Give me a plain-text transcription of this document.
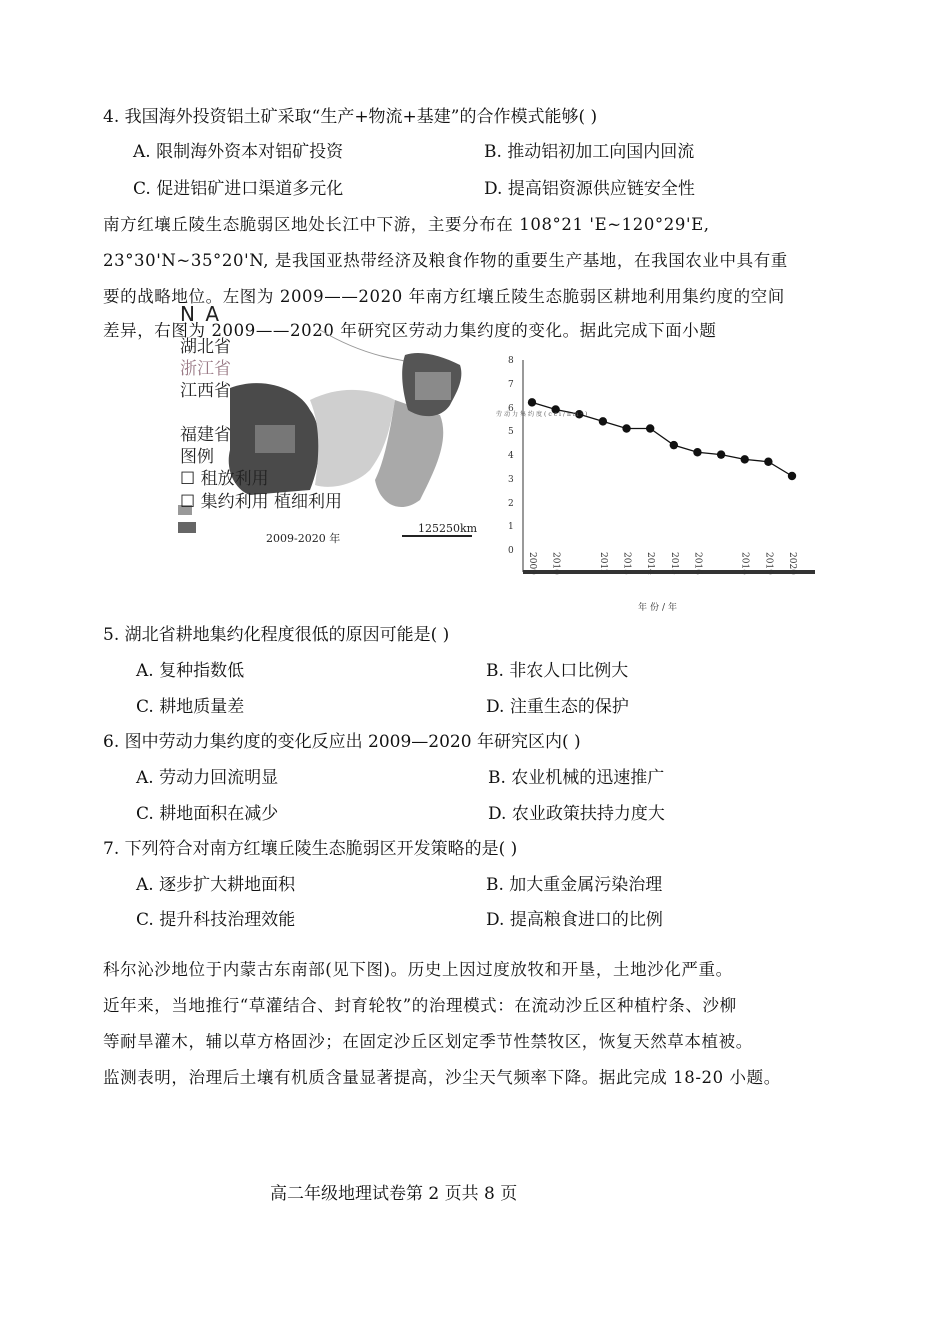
4. 我国海外投资铝土矿采取“生产+物流+基建”的合作模式能够( )
A. 限制海外资本对铝矿投资	B. 推动铝初加工向国内回流
C. 促进铝矿进口渠道多元化	D. 提高铝资源供应链安全性
南方红壤丘陵生态脆弱区地处长江中下游，主要分布在 108°21 'E~120°29'E,
23°30'N~35°20'N, 是我国亚热带经济及粮食作物的重要生产基地，在我国农业中具有重
要的战略地位。左图为 2009——2020 年南方红壤丘陵生态脆弱区耕地利用集约度的空间
差异，右图为 2009——2020 年研究区劳动力集约度的变化。据此完成下面小题
N A
湖北省
浙江省
江西省
福建省
图例
☐ 租放利用
☐ 集约利用 植细利用
125250km
2009-2020 年
劳动力集约度(cci/hm²)
年份/年
0
1
2
3
4
5
6
7
8
2009 2010	2012 2013 2014 2015 2016	2018 2019 2020
5. 湖北省耕地集约化程度很低的原因可能是( )
A. 复种指数低	B. 非农人口比例大
C. 耕地质量差	D. 注重生态的保护
6. 图中劳动力集约度的变化反应出 2009—2020 年研究区内( )
A. 劳动力回流明显	B. 农业机械的迅速推广
C. 耕地面积在减少	D. 农业政策扶持力度大
7. 下列符合对南方红壤丘陵生态脆弱区开发策略的是( )
A. 逐步扩大耕地面积	B. 加大重金属污染治理
C. 提升科技治理效能	D. 提高粮食进口的比例
科尔沁沙地位于内蒙古东南部(见下图)。历史上因过度放牧和开垦，土地沙化严重。
近年来，当地推行“草灌结合、封育轮牧”的治理模式：在流动沙丘区种植柠条、沙柳
等耐旱灌木，辅以草方格固沙；在固定沙丘区划定季节性禁牧区，恢复天然草本植被。
监测表明，治理后土壤有机质含量显著提高，沙尘天气频率下降。据此完成 18-20 小题。
高二年级地理试卷第 2 页共 8 页
